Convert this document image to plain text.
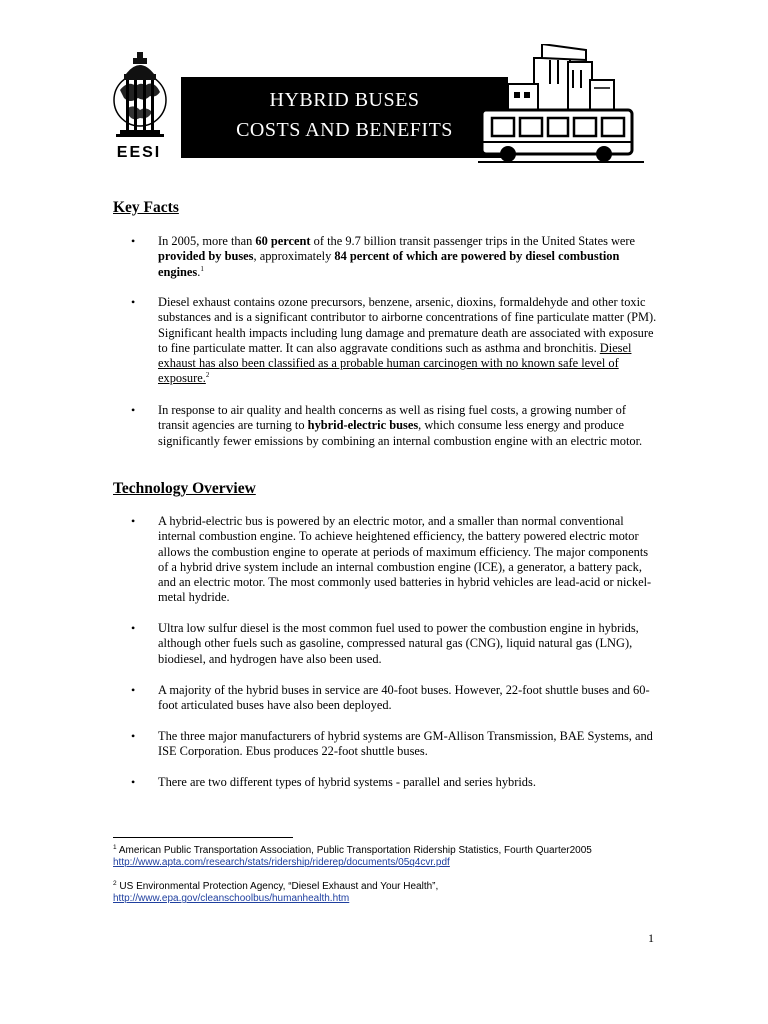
EESI
HYBRID BUSES
COSTS AND BENEFITS
Key Facts
• In 2005, more than 60 percent of the 9.7 billion transit passenger trips in the United States were provided by buses, approximately 84 percent of which are powered by diesel combustion engines.$^1$
• Diesel exhaust contains ozone precursors, benzene, arsenic, dioxins, formaldehyde and other toxic substances and is a significant contributor to airborne concentrations of fine particulate matter (PM). Significant health impacts including lung damage and premature death are associated with exposure to fine particulate matter. It can also aggravate conditions such as asthma and bronchitis. Diesel exhaust has also been classified as a probable human carcinogen with no known safe level of exposure.$^2$
• In response to air quality and health concerns as well as rising fuel costs, a growing number of transit agencies are turning to hybrid-electric buses, which consume less energy and produce significantly fewer emissions by combining an internal combustion engine with an electric motor.
Technology Overview
• A hybrid-electric bus is powered by an electric motor, and a smaller than normal conventional internal combustion engine. To achieve heightened efficiency, the battery powered electric motor allows the combustion engine to operate at periods of maximum efficiency. The major components of a hybrid drive system include an internal combustion engine (ICE), a generator, a battery pack, and an electric motor. The most commonly used batteries in hybrid vehicles are lead-acid or nickel-metal hydride.
• Ultra low sulfur diesel is the most common fuel used to power the combustion engine in hybrids, although other fuels such as gasoline, compressed natural gas (CNG), liquid natural gas (LNG), biodiesel, and hydrogen have also been used.
• A majority of the hybrid buses in service are 40-foot buses. However, 22-foot shuttle buses and 60-foot articulated buses have also been deployed.
• The three major manufacturers of hybrid systems are GM-Allison Transmission, BAE Systems, and ISE Corporation. Ebus produces 22-foot shuttle buses.
• There are two different types of hybrid systems - parallel and series hybrids.
$^1$ American Public Transportation Association, Public Transportation Ridership Statistics, Fourth Quarter2005
http://www.apta.com/research/stats/ridership/riderep/documents/05q4cvr.pdf
$^2$ US Environmental Protection Agency, “Diesel Exhaust and Your Health”,
http://www.epa.gov/cleanschoolbus/humanhealth.htm
1
